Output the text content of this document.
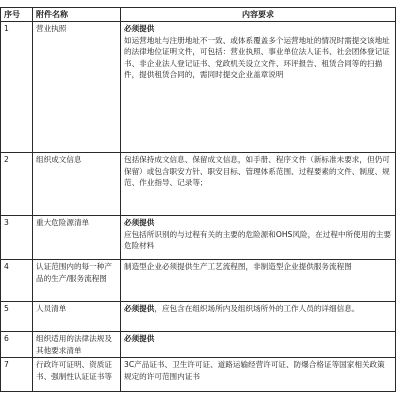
序号	附件名称	内容要求
1	营业执照	必须提供
如运营地址与注册地址不一致、或体系覆盖多个运营地址的情况时需提交该地址的法律地位证明文件，可包括：营业执照、事业单位法人证书、社会团体登记证书、非企业法人登记证书、党政机关设立文件、环评报告、租赁合同等的扫描件，提供租赁合同的，需同时提交企业盖章说明

2	组织成文信息	包括保持成文信息、保留成文信息，如手册、程序文件（新标准未要求，但仍可保留）或包含职安方针、职安目标、管理体系范围、过程要素的文件、制度、规范、作业指导、记录等；

3	重大危险源清单	必须提供
应包括所识别的与过程有关的主要的危险源和OHS风险，在过程中所使用的主要危险材料

4	认证范围内的每一种产品的生产/服务流程图	制造型企业必须提供生产工艺流程图，非制造型企业提供服务流程图

5	人员清单	必须提供，应包含在组织场所内及组织场所外的工作人员的详细信息。

6	组织适用的法律法规及其他要求清单	必须提供

7	行政许可证明、资质证书、强制性认证证书等	3C产品证书、卫生许可证、道路运输经营许可证、防爆合格证等国家相关政策规定的许可范围内证书
